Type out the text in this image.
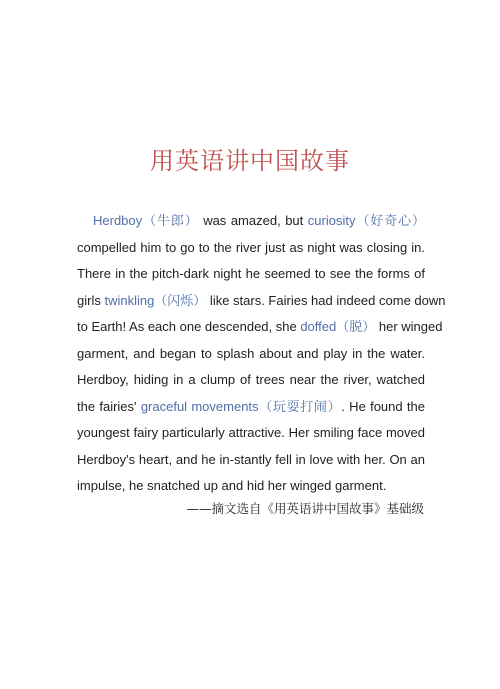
用英语讲中国故事
Herdboy（牛郎） was amazed, but curiosity（好奇心）
compelled him to go to the river just as night was closing in.
There in the pitch-dark night he seemed to see the forms of
girls twinkling（闪烁） like stars. Fairies had indeed come down
to Earth! As each one descended, she doffed（脱） her winged
garment, and began to splash about and play in the water.
Herdboy, hiding in a clump of trees near the river, watched
the fairies' graceful movements（玩耍打闹）. He found the
youngest fairy particularly attractive. Her smiling face moved
Herdboy's heart, and he in-stantly fell in love with her. On an
impulse, he snatched up and hid her winged garment.
——摘文选自《用英语讲中国故事》基础级
